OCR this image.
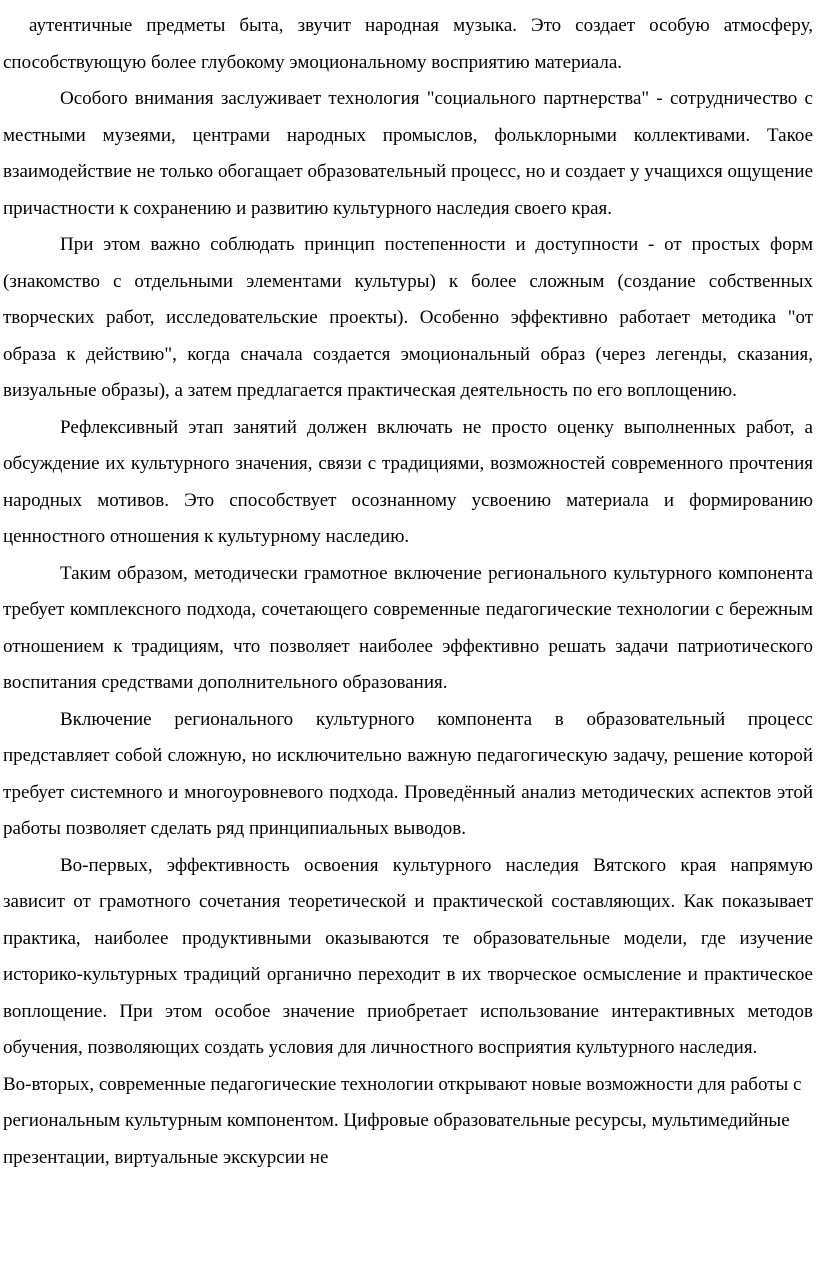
аутентичные предметы быта, звучит народная музыка. Это создает особую атмосферу, способствующую более глубокому эмоциональному восприятию материала.

Особого внимания заслуживает технология "социального партнерства" - сотрудничество с местными музеями, центрами народных промыслов, фольклорными коллективами. Такое взаимодействие не только обогащает образовательный процесс, но и создает у учащихся ощущение причастности к сохранению и развитию культурного наследия своего края.

При этом важно соблюдать принцип постепенности и доступности - от простых форм (знакомство с отдельными элементами культуры) к более сложным (создание собственных творческих работ, исследовательские проекты). Особенно эффективно работает методика "от образа к действию", когда сначала создается эмоциональный образ (через легенды, сказания, визуальные образы), а затем предлагается практическая деятельность по его воплощению.

Рефлексивный этап занятий должен включать не просто оценку выполненных работ, а обсуждение их культурного значения, связи с традициями, возможностей современного прочтения народных мотивов. Это способствует осознанному усвоению материала и формированию ценностного отношения к культурному наследию.

Таким образом, методически грамотное включение регионального культурного компонента требует комплексного подхода, сочетающего современные педагогические технологии с бережным отношением к традициям, что позволяет наиболее эффективно решать задачи патриотического воспитания средствами дополнительного образования.

Включение регионального культурного компонента в образовательный процесс представляет собой сложную, но исключительно важную педагогическую задачу, решение которой требует системного и многоуровневого подхода. Проведённый анализ методических аспектов этой работы позволяет сделать ряд принципиальных выводов.

Во-первых, эффективность освоения культурного наследия Вятского края напрямую зависит от грамотного сочетания теоретической и практической составляющих. Как показывает практика, наиболее продуктивными оказываются те образовательные модели, где изучение историко-культурных традиций органично переходит в их творческое осмысление и практическое воплощение. При этом особое значение приобретает использование интерактивных методов обучения, позволяющих создать условия для личностного восприятия культурного наследия.

Во-вторых, современные педагогические технологии открывают новые возможности для работы с региональным культурным компонентом. Цифровые образовательные ресурсы, мультимедийные презентации, виртуальные экскурсии не
